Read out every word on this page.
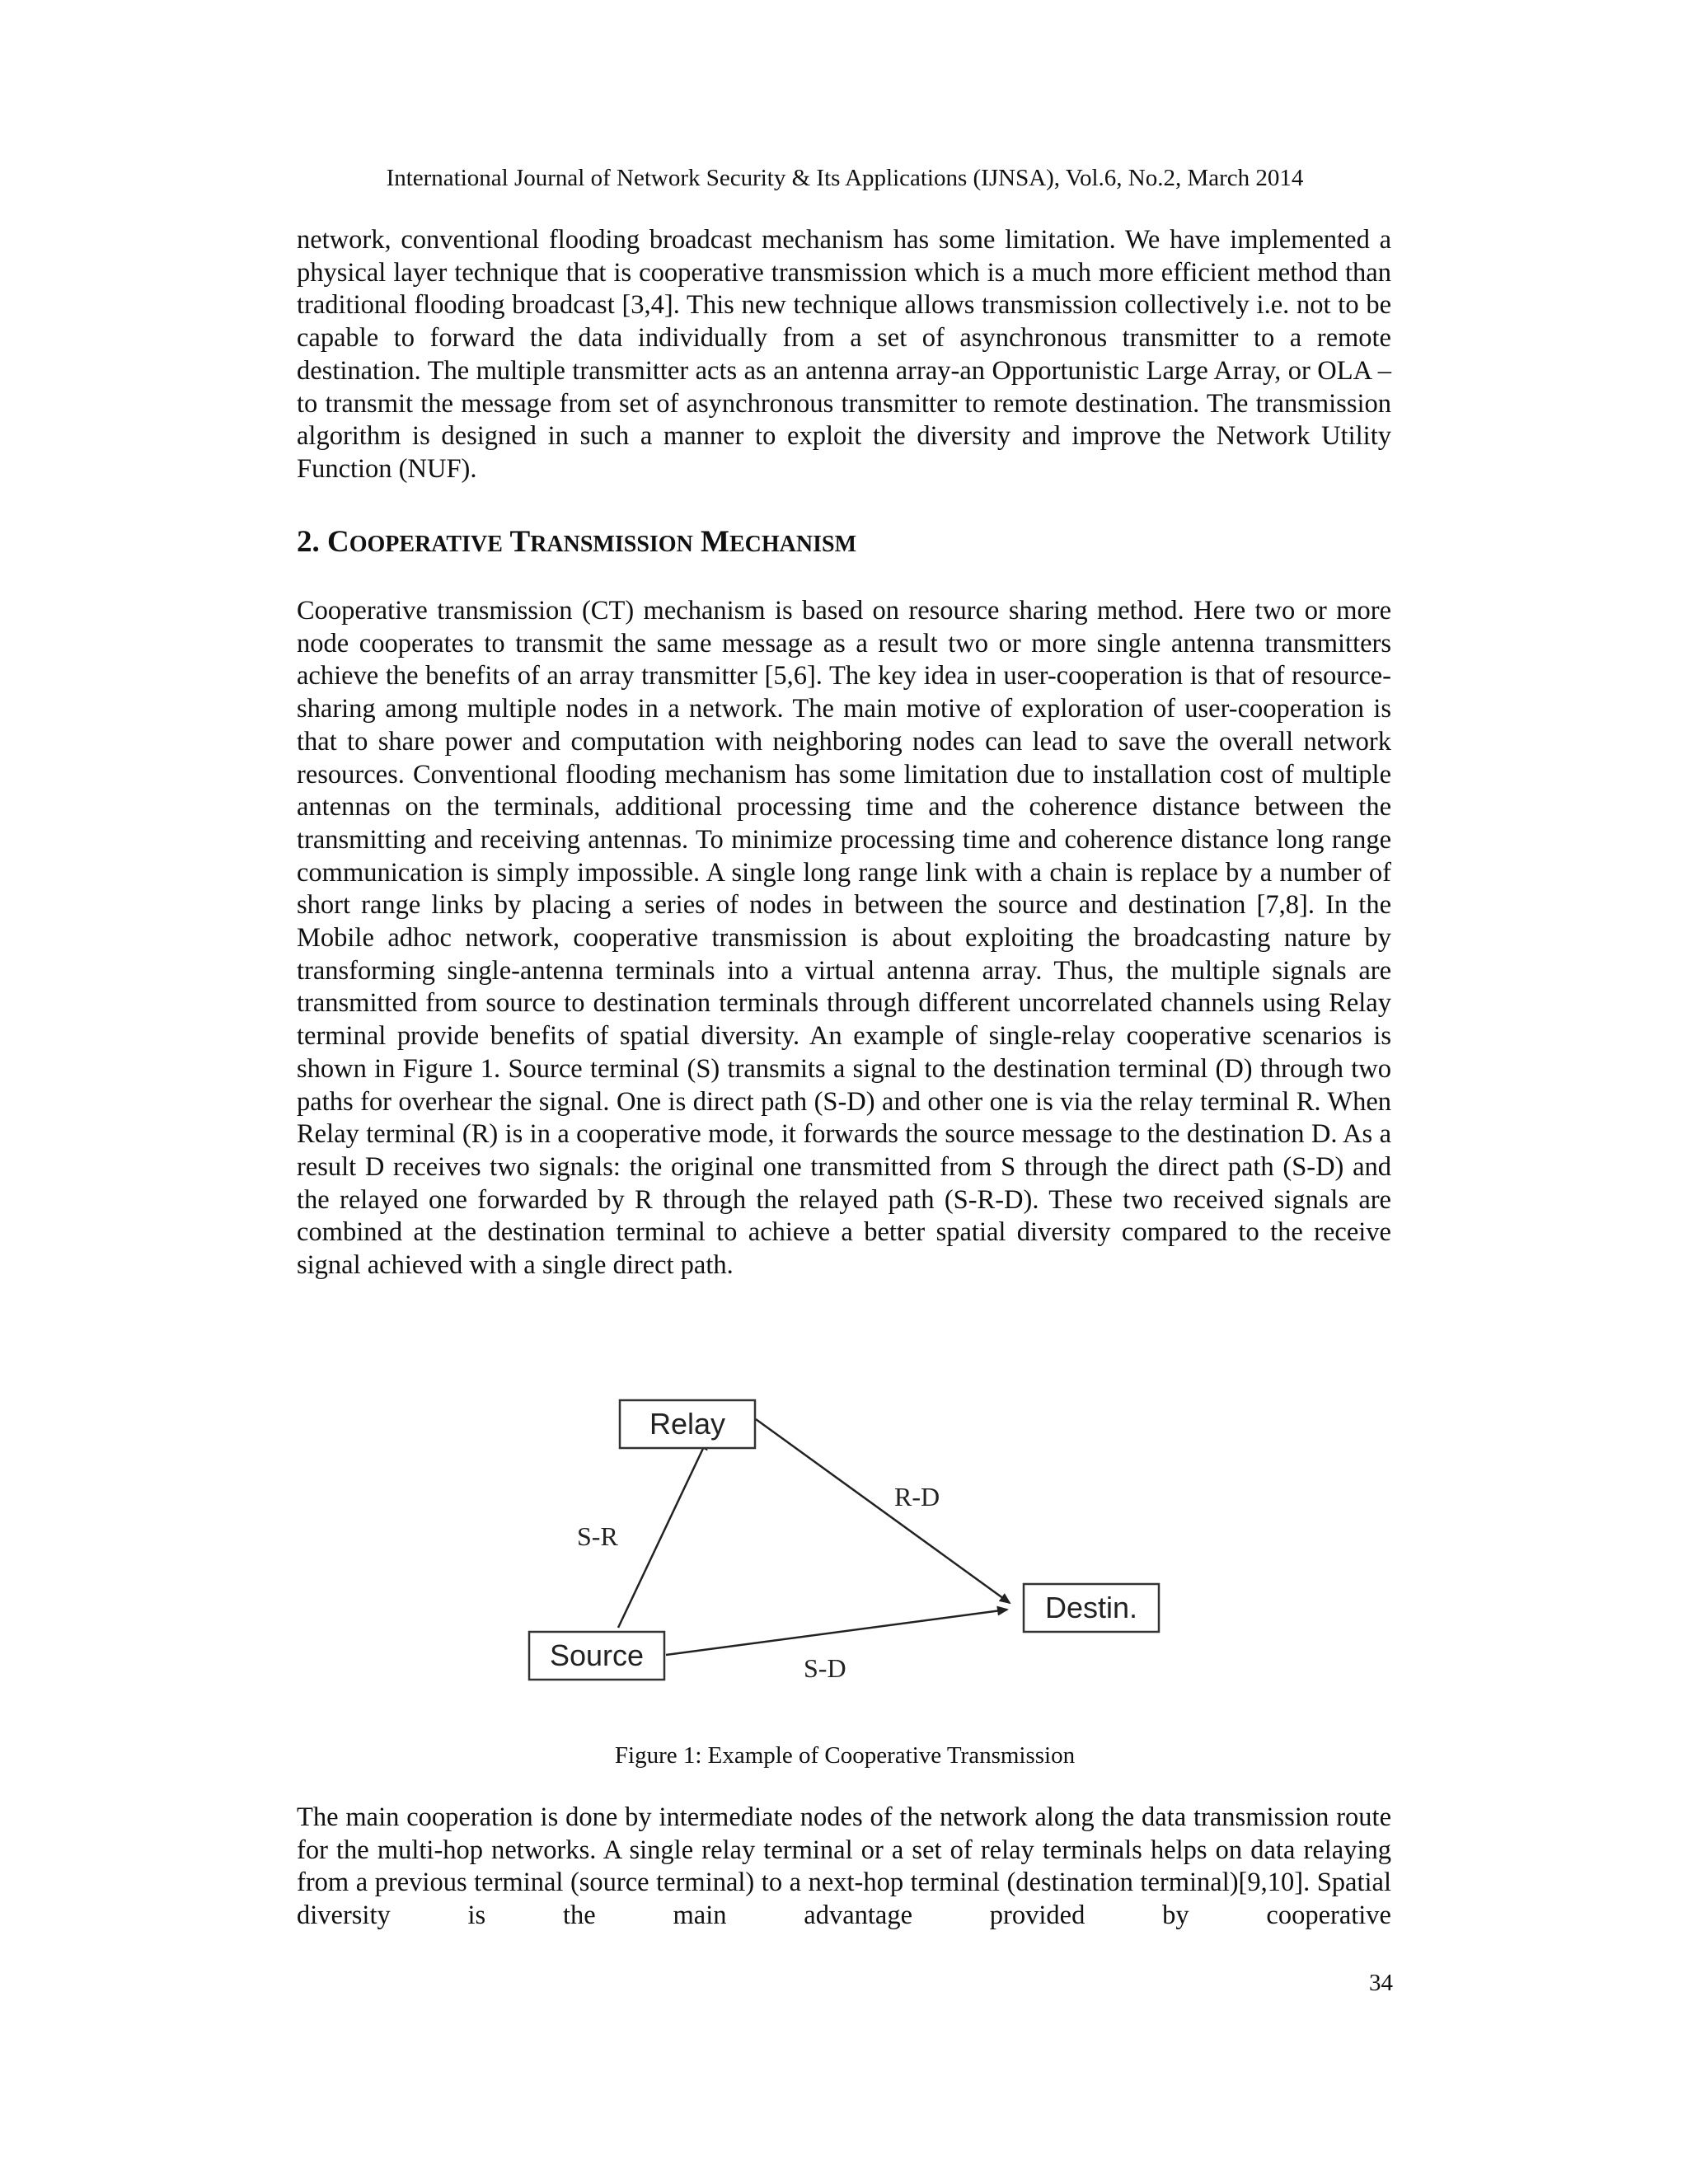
International Journal of Network Security & Its Applications (IJNSA), Vol.6, No.2, March 2014

network, conventional flooding broadcast mechanism has some limitation. We have implemented a physical layer technique that is cooperative transmission which is a much more efficient method than traditional flooding broadcast [3,4]. This new technique allows transmission collectively i.e. not to be capable to forward the data individually from a set of asynchronous transmitter to a remote destination. The multiple transmitter acts as an antenna array-an Opportunistic Large Array, or OLA – to transmit the message from set of asynchronous transmitter to remote destination. The transmission algorithm is designed in such a manner to exploit the diversity and improve the Network Utility Function (NUF).

2. COOPERATIVE TRANSMISSION MECHANISM

Cooperative transmission (CT) mechanism is based on resource sharing method. Here two or more node cooperates to transmit the same message as a result two or more single antenna transmitters achieve the benefits of an array transmitter [5,6]. The key idea in user-cooperation is that of resource-sharing among multiple nodes in a network. The main motive of exploration of user-cooperation is that to share power and computation with neighboring nodes can lead to save the overall network resources. Conventional flooding mechanism has some limitation due to installation cost of multiple antennas on the terminals, additional processing time and the coherence distance between the transmitting and receiving antennas. To minimize processing time and coherence distance long range communication is simply impossible. A single long range link with a chain is replace by a number of short range links by placing a series of nodes in between the source and destination [7,8]. In the Mobile adhoc network, cooperative transmission is about exploiting the broadcasting nature by transforming single-antenna terminals into a virtual antenna array. Thus, the multiple signals are transmitted from source to destination terminals through different uncorrelated channels using Relay terminal provide benefits of spatial diversity. An example of single-relay cooperative scenarios is shown in Figure 1. Source terminal (S) transmits a signal to the destination terminal (D) through two paths for overhear the signal. One is direct path (S-D) and other one is via the relay terminal R. When Relay terminal (R) is in a cooperative mode, it forwards the source message to the destination D. As a result D receives two signals: the original one transmitted from S through the direct path (S-D) and the relayed one forwarded by R through the relayed path (S-R-D). These two received signals are combined at the destination terminal to achieve a better spatial diversity compared to the receive signal achieved with a single direct path.

Relay
Source
Destin.
S-R
R-D
S-D
Figure 1: Example of Cooperative Transmission

The main cooperation is done by intermediate nodes of the network along the data transmission route for the multi-hop networks. A single relay terminal or a set of relay terminals helps on data relaying from a previous terminal (source terminal) to a next-hop terminal (destination terminal)[9,10]. Spatial diversity is the main advantage provided by cooperative

34
